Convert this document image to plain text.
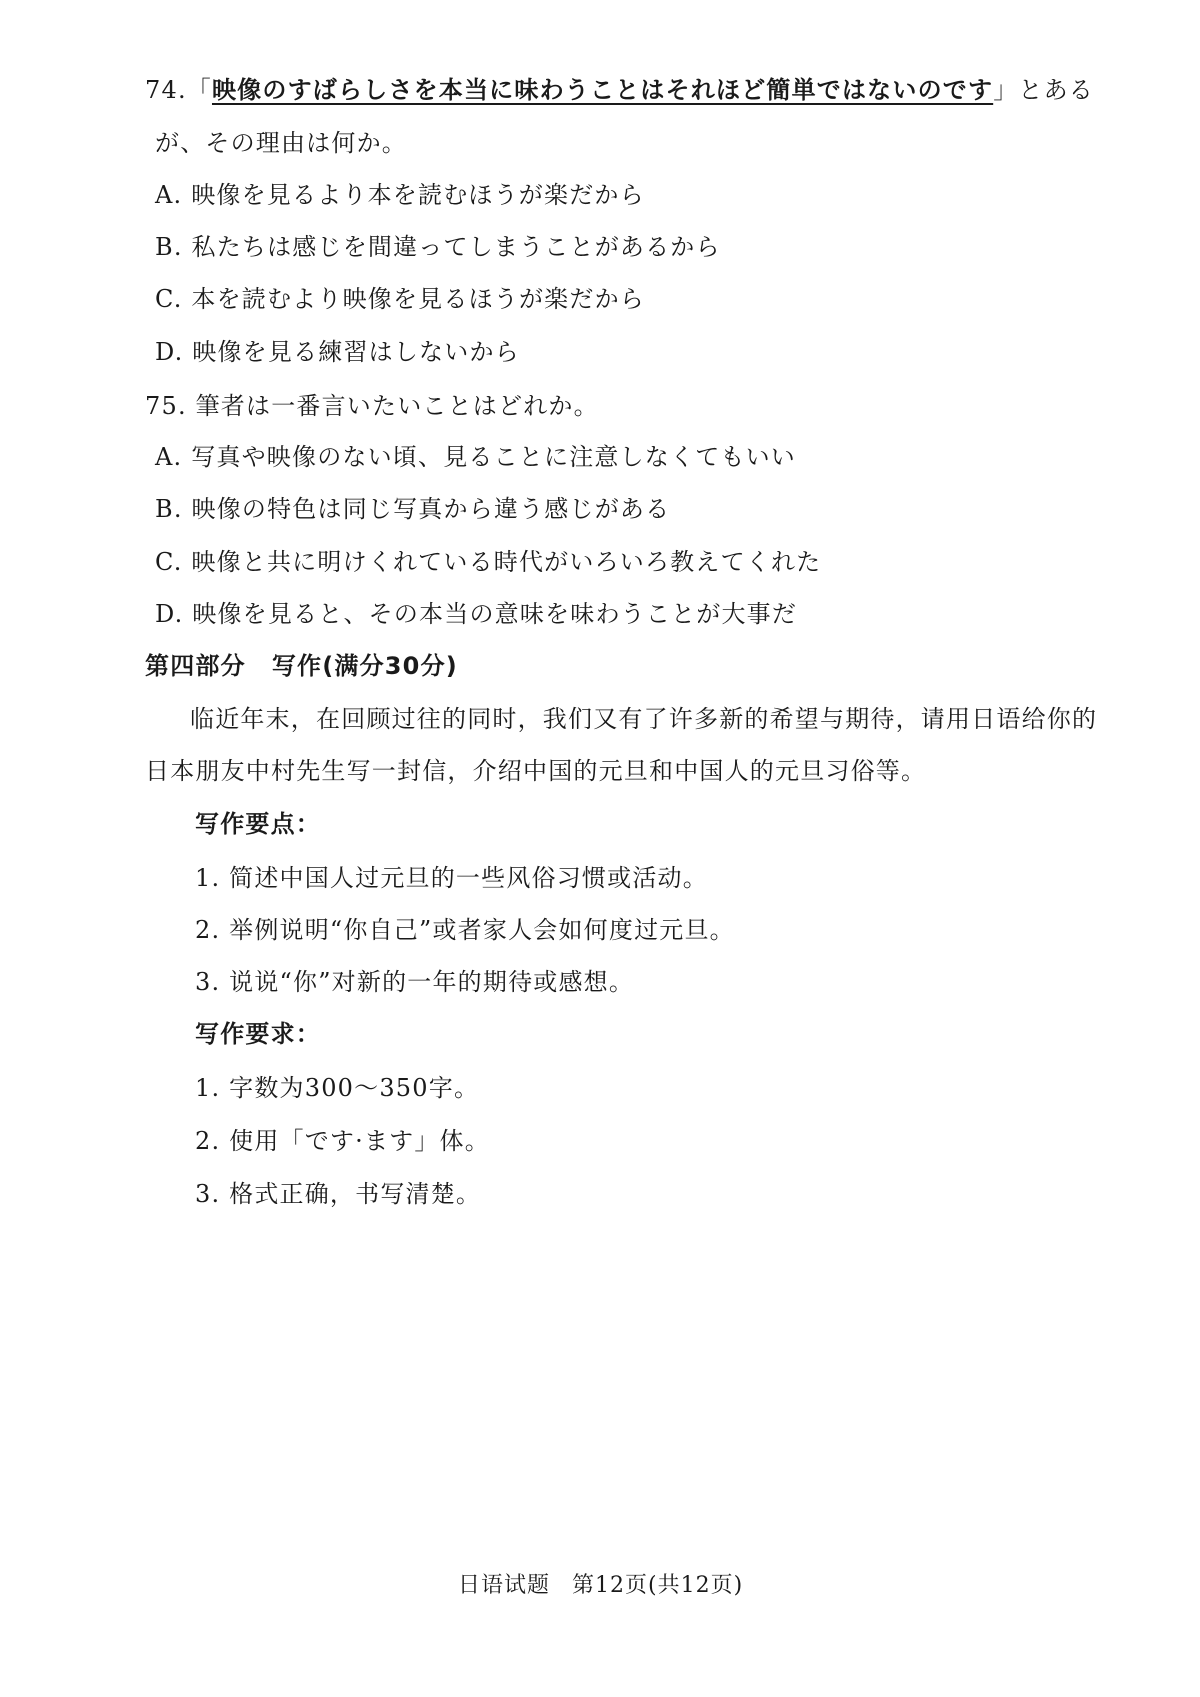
74.「映像のすばらしさを本当に味わうことはそれほど簡単ではないのです」とある
が、その理由は何か。
A. 映像を見るより本を読むほうが楽だから
B. 私たちは感じを間違ってしまうことがあるから
C. 本を読むより映像を見るほうが楽だから
D. 映像を見る練習はしないから
75. 筆者は一番言いたいことはどれか。
A. 写真や映像のない頃、見ることに注意しなくてもいい
B. 映像の特色は同じ写真から違う感じがある
C. 映像と共に明けくれている時代がいろいろ教えてくれた
D. 映像を見ると、その本当の意味を味わうことが大事だ
第四部分 写作(满分30分)
临近年末，在回顾过往的同时，我们又有了许多新的希望与期待，请用日语给你的
日本朋友中村先生写一封信，介绍中国的元旦和中国人的元旦习俗等。
写作要点：
1. 简述中国人过元旦的一些风俗习惯或活动。
2. 举例说明“你自己”或者家人会如何度过元旦。
3. 说说“你”对新的一年的期待或感想。
写作要求：
1. 字数为300～350字。
2. 使用「です·ます」体。
3. 格式正确，书写清楚。
日语试题 第12页(共12页)
